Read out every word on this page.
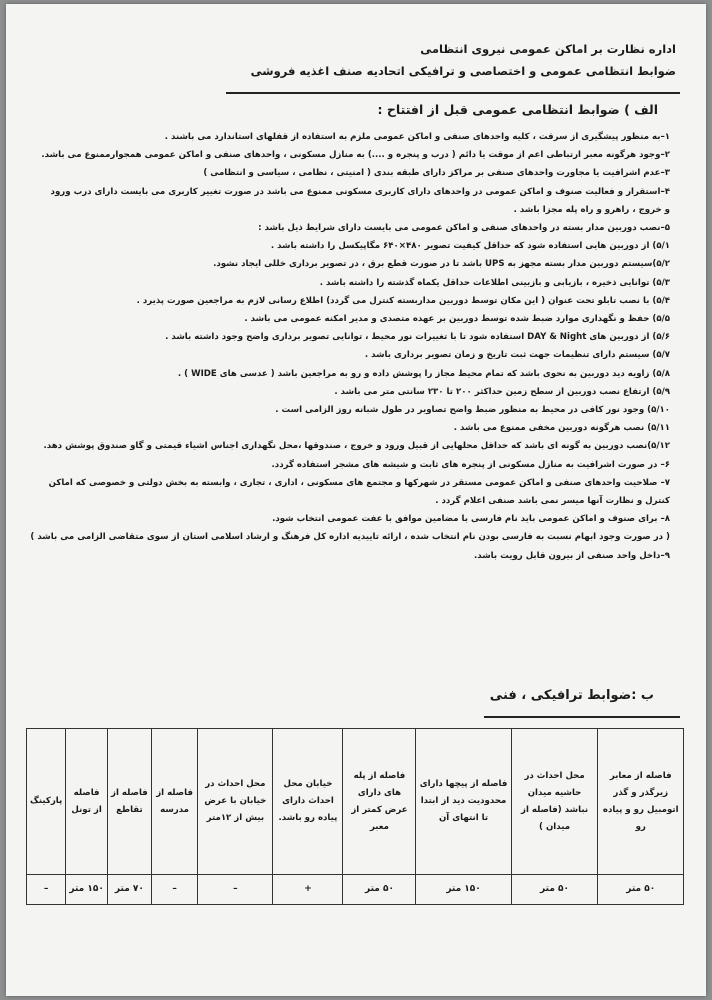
اداره نظارت بر اماکن عمومی نیروی انتظامی
ضوابط انتظامی عمومی و اختصاصی و ترافیکی اتحادیه صنف اغذیه فروشی
الف ) ضوابط انتظامی عمومی قبل از افتتاح :
۱–به منظور پیشگیری از سرقت ، کلیه واحدهای صنفی و اماکن عمومی ملزم به استفاده از قفلهای استاندارد می باشند .
۲–وجود هرگونه معبر ارتباطی اعم از موقت یا دائم ( درب و پنجره و ....) به منازل مسکونی ، واحدهای صنفی و اماکن عمومی همجوارممنوع می باشد.
۳–عدم اشرافیت یا مجاورت واحدهای صنفی بر مراکز دارای طبقه بندی ( امنیتی ، نظامی ، سیاسی و انتظامی )
۴–استقرار و فعالیت صنوف و اماکن عمومی در واحدهای دارای کاربری مسکونی ممنوع می باشد در صورت تغییر کاربری می بایست دارای درب ورود
و خروج ، راهرو و راه پله مجزا باشد .
۵–نصب دوربین مدار بسته در واحدهای صنفی و اماکن عمومی می بایست دارای شرایط ذیل باشد :
۵/۱) از دوربین هایی استفاده شود که حداقل کیفیت تصویر ۴۸۰×۶۴۰ مگاپیکسل را داشته باشد .
۵/۲)سیستم دوربین مدار بسته مجهز به UPS باشد تا در صورت قطع برق ، در تصویر برداری خللی ایجاد نشود.
۵/۳) توانایی ذخیره ، بازیابی و بازبینی اطلاعات حداقل یکماه گذشته را داشته باشد .
۵/۴) با نصب تابلو تحت عنوان ( این مکان توسط دوربین مداربسته کنترل می گردد) اطلاع رسانی لازم به مراجعین صورت پذیرد .
۵/۵) حفظ و نگهداری موارد ضبط شده توسط دوربین بر عهده متصدی و مدیر امکنه عمومی می باشد .
۵/۶) از دوربین های DAY & Night استفاده شود تا با تغییرات نور محیط ، توانایی تصویر برداری واضح وجود داشته باشد .
۵/۷) سیستم دارای تنظیمات جهت ثبت تاریخ و زمان تصویر برداری باشد .
۵/۸) زاویه دید دوربین به نحوی باشد که تمام محیط مجاز را پوشش داده و رو به مراجعین باشد ( عدسی های WIDE ) .
۵/۹) ارتفاع نصب دوربین از سطح زمین حداکثر ۲۰۰ تا ۲۳۰ سانتی متر می باشد .
۵/۱۰) وجود نور کافی در محیط به منظور ضبط واضح تصاویر در طول شبانه روز الزامی است .
۵/۱۱) نصب هرگونه دوربین مخفی ممنوع می باشد .
۵/۱۲)نصب دوربین به گونه ای باشد که حداقل محلهایی از قبیل ورود و خروج ، صندوقها ،محل نگهداری اجناس اشیاء قیمتی و گاو صندوق پوشش دهد.
۶– در صورت اشرافیت به منازل مسکونی از پنجره های ثابت و شیشه های مشجر استفاده گردد.
۷– صلاحیت واحدهای صنفی و اماکن عمومی مستقر در شهرکها و مجتمع های مسکونی ، اداری ، تجاری ، وابسته به بخش دولتی و خصوصی که اماکن
کنترل و نظارت آنها میسر نمی باشد صنفی اعلام گردد .
۸– برای صنوف و اماکن عمومی باید نام فارسی با مضامین موافق با عفت عمومی انتخاب شود.
( در صورت وجود ابهام نسبت به فارسی بودن نام انتخاب شده ، ارائه تاییدیه اداره کل فرهنگ و ارشاد اسلامی استان از سوی متقاضی الزامی می باشد )
۹–داخل واحد صنفی از بیرون قابل رویت باشد.
ب :ضوابط ترافیکی ، فنی
فاصله از معابر زیرگذر و گذر اتومبیل رو و پیاده رو	محل احداث در حاشیه میدان نباشد (فاصله از میدان )	فاصله از پیچها دارای محدودیت دید از ابتدا تا انتهای آن	فاصله از پله های دارای عرض کمتر از معبر	خیابان محل احداث دارای پیاده رو باشد.	محل احداث در خیابان با عرض بیش از ۱۲متر	فاصله از مدرسه	فاصله از تقاطع	فاصله از تونل	پارکینگ
۵۰ متر	۵۰ متر	۱۵۰ متر	۵۰ متر	+	–	–	۷۰ متر	۱۵۰ متر	–
